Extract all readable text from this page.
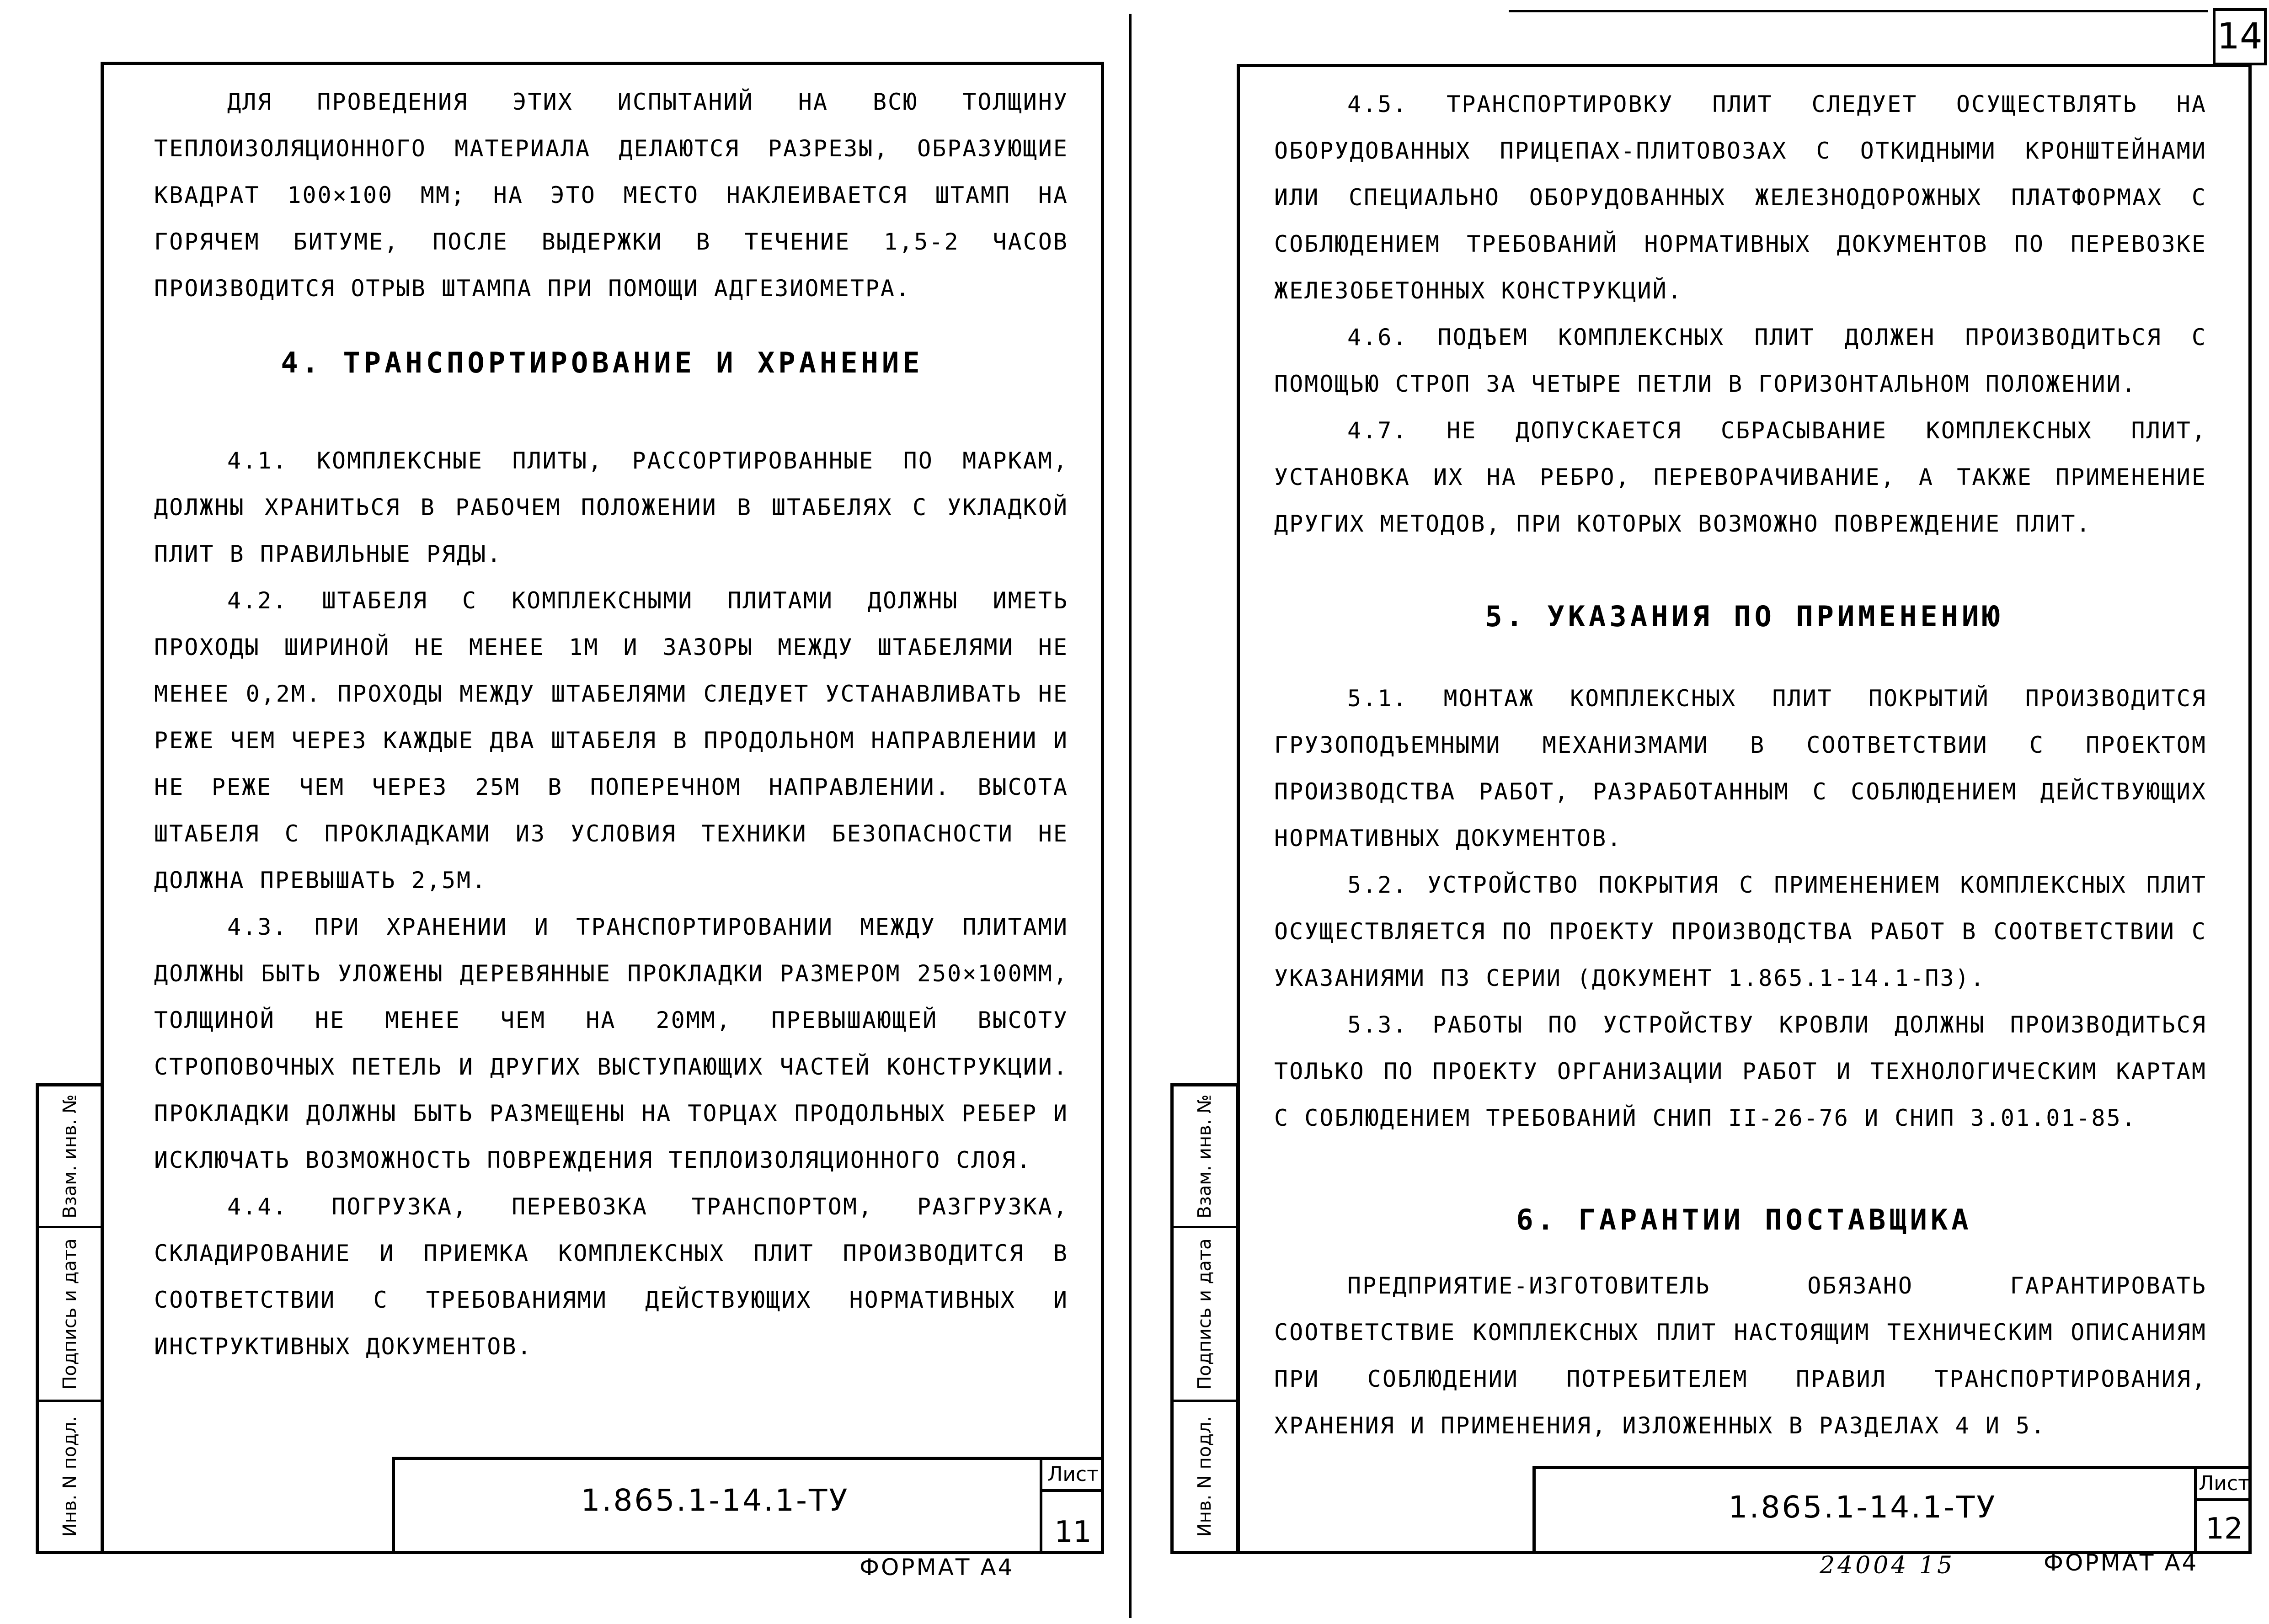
14

ДЛЯ ПРОВЕДЕНИЯ ЭТИХ ИСПЫТАНИЙ НА ВСЮ ТОЛЩИНУ ТЕПЛОИЗОЛЯЦИОННОГО МАТЕРИАЛА ДЕЛАЮТСЯ РАЗРЕЗЫ, ОБРАЗУЮЩИЕ КВАДРАТ 100×100 ММ; НА ЭТО МЕСТО НАКЛЕИВАЕТСЯ ШТАМП НА ГОРЯЧЕМ БИТУМЕ, ПОСЛЕ ВЫДЕРЖКИ В ТЕЧЕНИЕ 1,5-2 ЧАСОВ ПРОИЗВОДИТСЯ ОТРЫВ ШТАМПА ПРИ ПОМОЩИ АДГЕЗИОМЕТРА.

4. ТРАНСПОРТИРОВАНИЕ И ХРАНЕНИЕ

4.1. КОМПЛЕКСНЫЕ ПЛИТЫ, РАССОРТИРОВАННЫЕ ПО МАРКАМ, ДОЛЖНЫ ХРАНИТЬСЯ В РАБОЧЕМ ПОЛОЖЕНИИ В ШТАБЕЛЯХ С УКЛАДКОЙ ПЛИТ В ПРАВИЛЬНЫЕ РЯДЫ.

4.2. ШТАБЕЛЯ С КОМПЛЕКСНЫМИ ПЛИТАМИ ДОЛЖНЫ ИМЕТЬ ПРОХОДЫ ШИРИНОЙ НЕ МЕНЕЕ 1М И ЗАЗОРЫ МЕЖДУ ШТАБЕЛЯМИ НЕ МЕНЕЕ 0,2М. ПРОХОДЫ МЕЖДУ ШТАБЕЛЯМИ СЛЕДУЕТ УСТАНАВЛИВАТЬ НЕ РЕЖЕ ЧЕМ ЧЕРЕЗ КАЖДЫЕ ДВА ШТАБЕЛЯ В ПРОДОЛЬНОМ НАПРАВЛЕНИИ И НЕ РЕЖЕ ЧЕМ ЧЕРЕЗ 25М В ПОПЕРЕЧНОМ НАПРАВЛЕНИИ. ВЫСОТА ШТАБЕЛЯ С ПРОКЛАДКАМИ ИЗ УСЛОВИЯ ТЕХНИКИ БЕЗОПАСНОСТИ НЕ ДОЛЖНА ПРЕВЫШАТЬ 2,5М.

4.3. ПРИ ХРАНЕНИИ И ТРАНСПОРТИРОВАНИИ МЕЖДУ ПЛИТАМИ ДОЛЖНЫ БЫТЬ УЛОЖЕНЫ ДЕРЕВЯННЫЕ ПРОКЛАДКИ РАЗМЕРОМ 250×100ММ, ТОЛЩИНОЙ НЕ МЕНЕЕ ЧЕМ НА 20ММ, ПРЕВЫШАЮЩЕЙ ВЫСОТУ СТРОПОВОЧНЫХ ПЕТЕЛЬ И ДРУГИХ ВЫСТУПАЮЩИХ ЧАСТЕЙ КОНСТРУКЦИИ. ПРОКЛАДКИ ДОЛЖНЫ БЫТЬ РАЗМЕЩЕНЫ НА ТОРЦАХ ПРОДОЛЬНЫХ РЕБЕР И ИСКЛЮЧАТЬ ВОЗМОЖНОСТЬ ПОВРЕЖДЕНИЯ ТЕПЛОИЗОЛЯЦИОННОГО СЛОЯ.

4.4. ПОГРУЗКА, ПЕРЕВОЗКА ТРАНСПОРТОМ, РАЗГРУЗКА, СКЛАДИРОВАНИЕ И ПРИЕМКА КОМПЛЕКСНЫХ ПЛИТ ПРОИЗВОДИТСЯ В СООТВЕТСТВИИ С ТРЕБОВАНИЯМИ ДЕЙСТВУЮЩИХ НОРМАТИВНЫХ И ИНСТРУКТИВНЫХ ДОКУМЕНТОВ.

1.865.1-14.1-ТУ
Лист
11
Взам. инв. №
Подпись и дата
Инв. N подл.
ФОРМАТ А4

4.5. ТРАНСПОРТИРОВКУ ПЛИТ СЛЕДУЕТ ОСУЩЕСТВЛЯТЬ НА ОБОРУДОВАННЫХ ПРИЦЕПАХ-ПЛИТОВОЗАХ С ОТКИДНЫМИ КРОНШТЕЙНАМИ ИЛИ СПЕЦИАЛЬНО ОБОРУДОВАННЫХ ЖЕЛЕЗНОДОРОЖНЫХ ПЛАТФОРМАХ С СОБЛЮДЕНИЕМ ТРЕБОВАНИЙ НОРМАТИВНЫХ ДОКУМЕНТОВ ПО ПЕРЕВОЗКЕ ЖЕЛЕЗОБЕТОННЫХ КОНСТРУКЦИЙ.

4.6. ПОДЪЕМ КОМПЛЕКСНЫХ ПЛИТ ДОЛЖЕН ПРОИЗВОДИТЬСЯ С ПОМОЩЬЮ СТРОП ЗА ЧЕТЫРЕ ПЕТЛИ В ГОРИЗОНТАЛЬНОМ ПОЛОЖЕНИИ.

4.7. НЕ ДОПУСКАЕТСЯ СБРАСЫВАНИЕ КОМПЛЕКСНЫХ ПЛИТ, УСТАНОВКА ИХ НА РЕБРО, ПЕРЕВОРАЧИВАНИЕ, А ТАКЖЕ ПРИМЕНЕНИЕ ДРУГИХ МЕТОДОВ, ПРИ КОТОРЫХ ВОЗМОЖНО ПОВРЕЖДЕНИЕ ПЛИТ.

5. УКАЗАНИЯ ПО ПРИМЕНЕНИЮ

5.1. МОНТАЖ КОМПЛЕКСНЫХ ПЛИТ ПОКРЫТИЙ ПРОИЗВОДИТСЯ ГРУЗОПОДЪЕМНЫМИ МЕХАНИЗМАМИ В СООТВЕТСТВИИ С ПРОЕКТОМ ПРОИЗВОДСТВА РАБОТ, РАЗРАБОТАННЫМ С СОБЛЮДЕНИЕМ ДЕЙСТВУЮЩИХ НОРМАТИВНЫХ ДОКУМЕНТОВ.

5.2. УСТРОЙСТВО ПОКРЫТИЯ С ПРИМЕНЕНИЕМ КОМПЛЕКСНЫХ ПЛИТ ОСУЩЕСТВЛЯЕТСЯ ПО ПРОЕКТУ ПРОИЗВОДСТВА РАБОТ В СООТВЕТСТВИИ С УКАЗАНИЯМИ ПЗ СЕРИИ (ДОКУМЕНТ 1.865.1-14.1-ПЗ).

5.3. РАБОТЫ ПО УСТРОЙСТВУ КРОВЛИ ДОЛЖНЫ ПРОИЗВОДИТЬСЯ ТОЛЬКО ПО ПРОЕКТУ ОРГАНИЗАЦИИ РАБОТ И ТЕХНОЛОГИЧЕСКИМ КАРТАМ С СОБЛЮДЕНИЕМ ТРЕБОВАНИЙ СНИП II-26-76 И СНИП 3.01.01-85.

6. ГАРАНТИИ ПОСТАВЩИКА

ПРЕДПРИЯТИЕ-ИЗГОТОВИТЕЛЬ ОБЯЗАНО ГАРАНТИРОВАТЬ СООТВЕТСТВИЕ КОМПЛЕКСНЫХ ПЛИТ НАСТОЯЩИМ ТЕХНИЧЕСКИМ ОПИСАНИЯМ ПРИ СОБЛЮДЕНИИ ПОТРЕБИТЕЛЕМ ПРАВИЛ ТРАНСПОРТИРОВАНИЯ, ХРАНЕНИЯ И ПРИМЕНЕНИЯ, ИЗЛОЖЕННЫХ В РАЗДЕЛАХ 4 И 5.

1.865.1-14.1-ТУ
Лист
12
Взам. инв. №
Подпись и дата
Инв. N подл.
24004 15	ФОРМАТ А4
